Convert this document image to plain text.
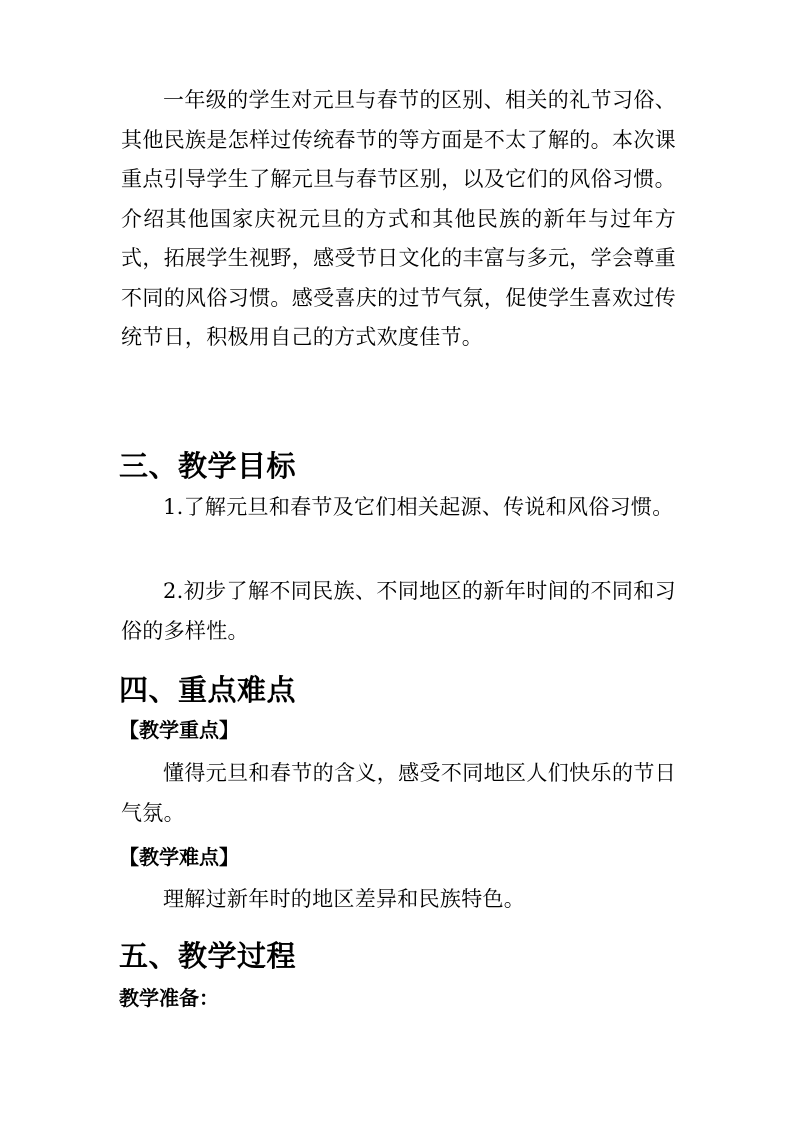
一年级的学生对元旦与春节的区别、相关的礼节习俗、其他民族是怎样过传统春节的等方面是不太了解的。本次课重点引导学生了解元旦与春节区别，以及它们的风俗习惯。介绍其他国家庆祝元旦的方式和其他民族的新年与过年方式，拓展学生视野，感受节日文化的丰富与多元，学会尊重不同的风俗习惯。感受喜庆的过节气氛，促使学生喜欢过传统节日，积极用自己的方式欢度佳节。

三、教学目标

1.了解元旦和春节及它们相关起源、传说和风俗习惯。

2.初步了解不同民族、不同地区的新年时间的不同和习俗的多样性。

四、重点难点
【教学重点】

懂得元旦和春节的含义，感受不同地区人们快乐的节日气氛。

【教学难点】

理解过新年时的地区差异和民族特色。

五、教学过程
教学准备：
